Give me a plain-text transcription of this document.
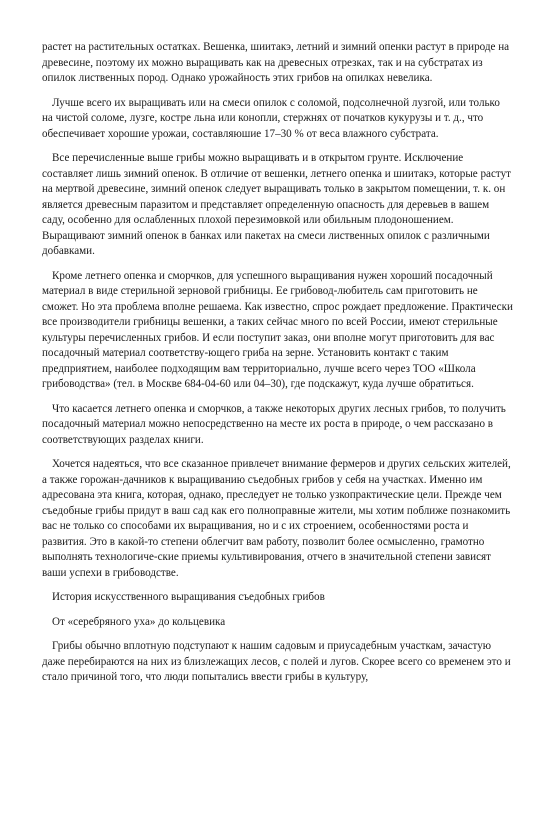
растет на растительных остатках. Вешенка, шиитакэ, летний и зимний опенки растут в природе на древесине, поэтому их можно выращивать как на древесных отрезках, так и на субстратах из опилок лиственных пород. Однако урожайность этих грибов на опилках невелика.

Лучше всего их выращивать или на смеси опилок с соломой, подсолнечной лузгой, или только на чистой соломе, лузге, костре льна или конопли, стержнях от початков кукурузы и т. д., что обеспечивает хорошие урожаи, составляюшие 17–30 % от веса влажного субстрата.

Все перечисленные выше грибы можно выращивать и в открытом грунте. Исключение составляет лишь зимний опенок. В отличие от вешенки, летнего опенка и шиитакэ, которые растут на мертвой древесине, зимний опенок следует выращивать только в закрытом помещении, т. к. он является древесным паразитом и представляет определенную опасность для деревьев в вашем саду, особенно для ослабленных плохой перезимовкой или обильным плодоношением. Выращивают зимний опенок в банках или пакетах на смеси лиственных опилок с различными добавками.

Кроме летнего опенка и сморчков, для успешного выращивания нужен хороший посадочный материал в виде стерильной зерновой грибницы. Ее грибовод-любитель сам приготовить не сможет. Но эта проблема вполне решаема. Как известно, спрос рождает предложение. Практически все производители грибницы вешенки, а таких сейчас много по всей России, имеют стерильные культуры перечисленных грибов. И если поступит заказ, они вполне могут приготовить для вас посадочный материал соответству-ющего гриба на зерне. Установить контакт с таким предприятием, наиболее подходящим вам территориально, лучше всего через ТОО «Школа грибоводства» (тел. в Москве 684-04-60 или 04–30), где подскажут, куда лучше обратиться.

Что касается летнего опенка и сморчков, а также некоторых других лесных грибов, то получить посадочный материал можно непосредственно на месте их роста в природе, о чем рассказано в соответствующих разделах книги.

Хочется надеяться, что все сказанное привлечет внимание фермеров и других сельских жителей, а также горожан-дачников к выращиванию съедобных грибов у себя на участках. Именно им адресована эта книга, которая, однако, преследует не только узкопрактические цели. Прежде чем съедобные грибы придут в ваш сад как его полноправные жители, мы хотим поближе познакомить вас не только со способами их выращивания, но и с их строением, особенностями роста и развития. Это в какой-то степени облегчит вам работу, позволит более осмысленно, грамотно выполнять технологиче-ские приемы культивирования, отчего в значительной степени зависят ваши успехи в грибоводстве.

История искусственного выращивания съедобных грибов

От «серебряного уха» до кольцевика

Грибы обычно вплотную подступают к нашим садовым и приусадебным участкам, зачастую даже перебираются на них из близлежащих лесов, с полей и лугов. Скорее всего со временем это и стало причиной того, что люди попытались ввести грибы в культуру,
